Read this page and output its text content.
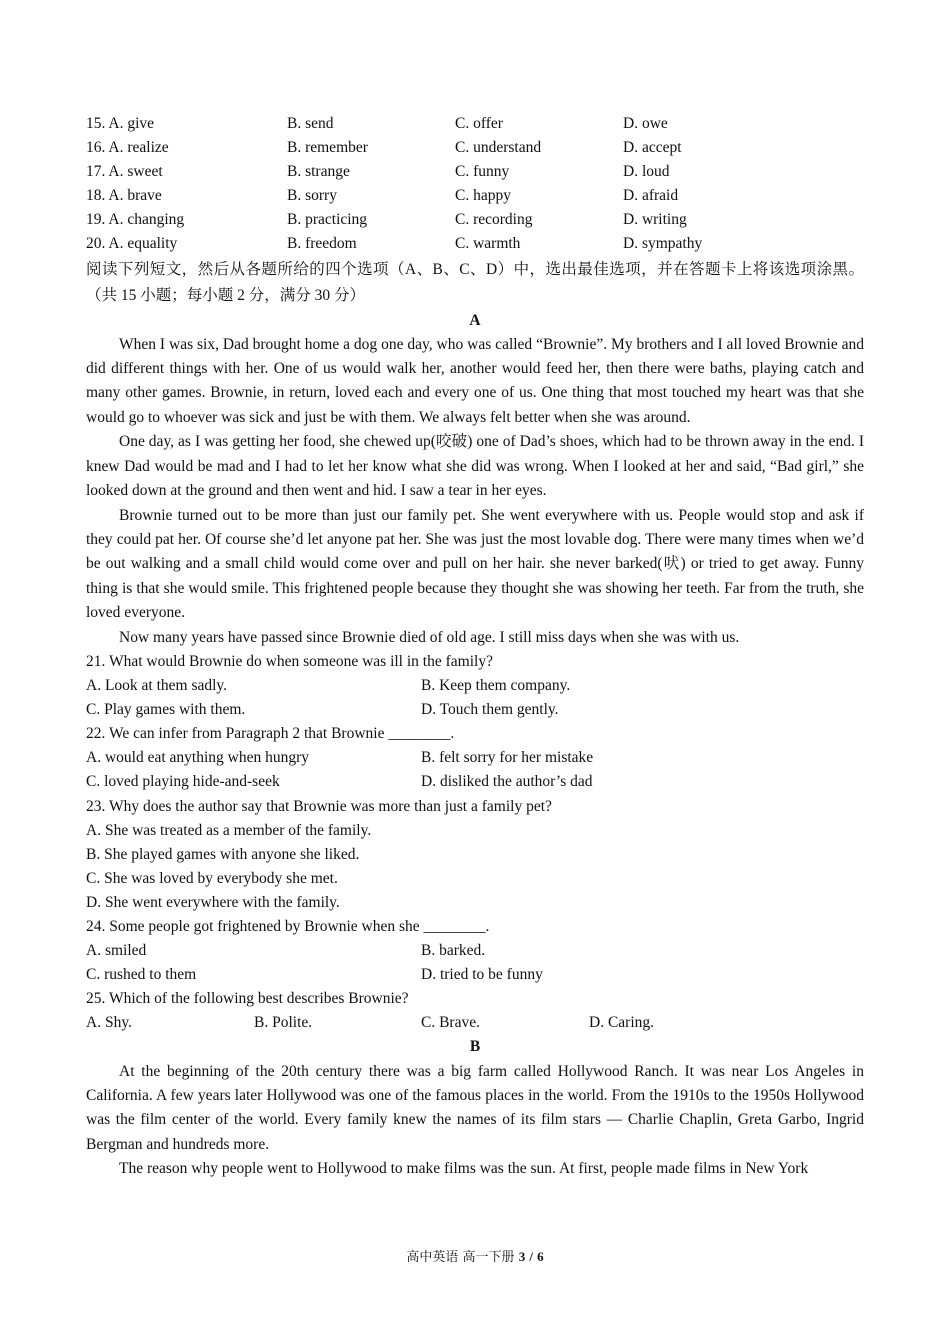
15. A. give	B. send	C. offer	D. owe
16. A. realize	B. remember	C. understand	D. accept
17. A. sweet	B. strange	C. funny	D. loud
18. A. brave	B. sorry	C. happy	D. afraid
19. A. changing	B. practicing	C. recording	D. writing
20. A. equality	B. freedom	C. warmth	D. sympathy
阅读下列短文，然后从各题所给的四个选项（A、B、C、D）中，选出最佳选项，并在答题卡上将该选项涂黑。（共 15 小题；每小题 2 分，满分 30 分）
A
When I was six, Dad brought home a dog one day, who was called “Brownie”. My brothers and I all loved Brownie and did different things with her. One of us would walk her, another would feed her, then there were baths, playing catch and many other games. Brownie, in return, loved each and every one of us. One thing that most touched my heart was that she would go to whoever was sick and just be with them. We always felt better when she was around.
One day, as I was getting her food, she chewed up(咬破) one of Dad’s shoes, which had to be thrown away in the end. I knew Dad would be mad and I had to let her know what she did was wrong. When I looked at her and said, “Bad girl,” she looked down at the ground and then went and hid. I saw a tear in her eyes.
Brownie turned out to be more than just our family pet. She went everywhere with us. People would stop and ask if they could pat her. Of course she’d let anyone pat her. She was just the most lovable dog. There were many times when we’d be out walking and a small child would come over and pull on her hair. she never barked(吠) or tried to get away. Funny thing is that she would smile. This frightened people because they thought she was showing her teeth. Far from the truth, she loved everyone.
Now many years have passed since Brownie died of old age. I still miss days when she was with us.
21. What would Brownie do when someone was ill in the family?
A. Look at them sadly.	B. Keep them company.
C. Play games with them.	D. Touch them gently.
22. We can infer from Paragraph 2 that Brownie ________.
A. would eat anything when hungry	B. felt sorry for her mistake
C. loved playing hide-and-seek	D. disliked the author’s dad
23. Why does the author say that Brownie was more than just a family pet?
A. She was treated as a member of the family.
B. She played games with anyone she liked.
C. She was loved by everybody she met.
D. She went everywhere with the family.
24. Some people got frightened by Brownie when she ________.
A. smiled	B. barked.
C. rushed to them	D. tried to be funny
25. Which of the following best describes Brownie?
A. Shy.	B. Polite.	C. Brave.	D. Caring.
B
At the beginning of the 20th century there was a big farm called Hollywood Ranch. It was near Los Angeles in California. A few years later Hollywood was one of the famous places in the world. From the 1910s to the 1950s Hollywood was the film center of the world. Every family knew the names of its film stars — Charlie Chaplin, Greta Garbo, Ingrid Bergman and hundreds more.
The reason why people went to Hollywood to make films was the sun. At first, people made films in New York
高中英语 高一下册 3 / 6
